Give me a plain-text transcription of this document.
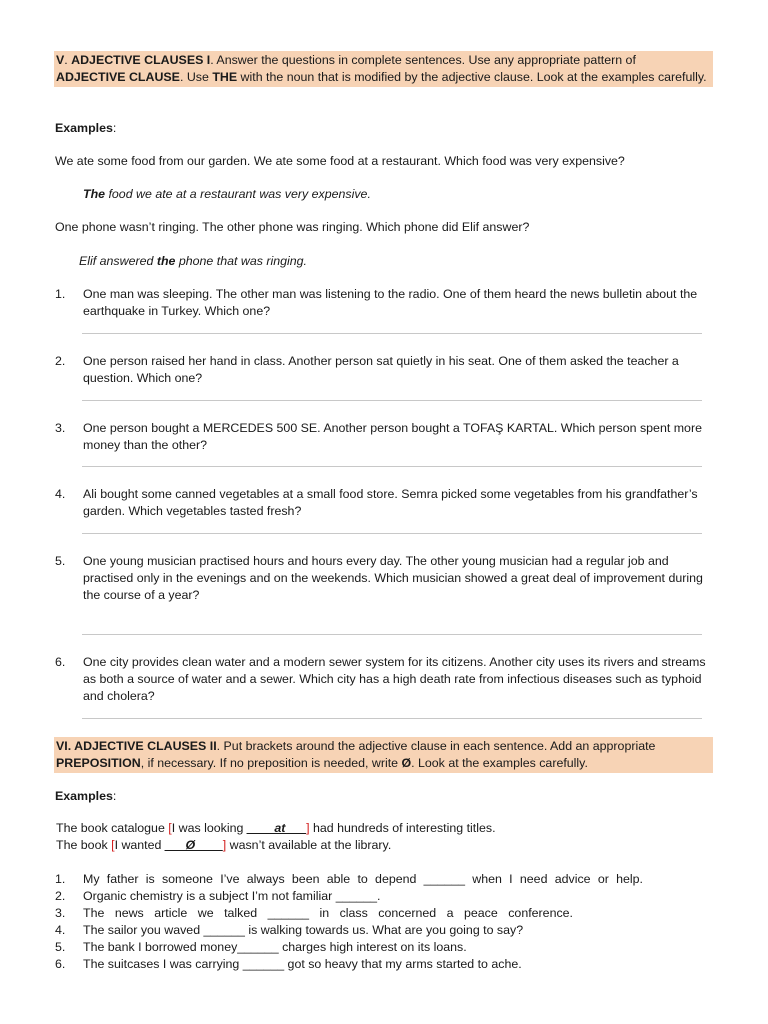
V. ADJECTIVE CLAUSES I. Answer the questions in complete sentences. Use any appropriate pattern of
ADJECTIVE CLAUSE. Use THE with the noun that is modified by the adjective clause. Look at the examples carefully.
Examples:
We ate some food from our garden. We ate some food at a restaurant. Which food was very expensive?
The food we ate at a restaurant was very expensive.
One phone wasn’t ringing. The other phone was ringing. Which phone did Elif answer?
Elif answered the phone that was ringing.
1. One man was sleeping. The other man was listening to the radio. One of them heard the news bulletin about the earthquake in Turkey. Which one?
2. One person raised her hand in class. Another person sat quietly in his seat. One of them asked the teacher a question. Which one?
3. One person bought a MERCEDES 500 SE. Another person bought a TOFAŞ KARTAL. Which person spent more money than the other?
4. Ali bought some canned vegetables at a small food store. Semra picked some vegetables from his grandfather’s garden. Which vegetables tasted fresh?
5. One young musician practised hours and hours every day. The other young musician had a regular job and practised only in the evenings and on the weekends. Which musician showed a great deal of improvement during the course of a year?
6. One city provides clean water and a modern sewer system for its citizens. Another city uses its rivers and streams as both a source of water and a sewer. Which city has a high death rate from infectious diseases such as typhoid and cholera?
VI. ADJECTIVE CLAUSES II. Put brackets around the adjective clause in each sentence. Add an appropriate
PREPOSITION, if necessary. If no preposition is needed, write Ø. Look at the examples carefully.
Examples:
The book catalogue [I was looking ____at___] had hundreds of interesting titles.
The book [I wanted ___Ø____] wasn’t available at the library.
1. My father is someone I’ve always been able to depend ______ when I need advice or help.
2. Organic chemistry is a subject I’m not familiar ______.
3. The news article we talked ______ in class concerned a peace conference.
4. The sailor you waved ______ is walking towards us. What are you going to say?
5. The bank I borrowed money______ charges high interest on its loans.
6. The suitcases I was carrying ______ got so heavy that my arms started to ache.
